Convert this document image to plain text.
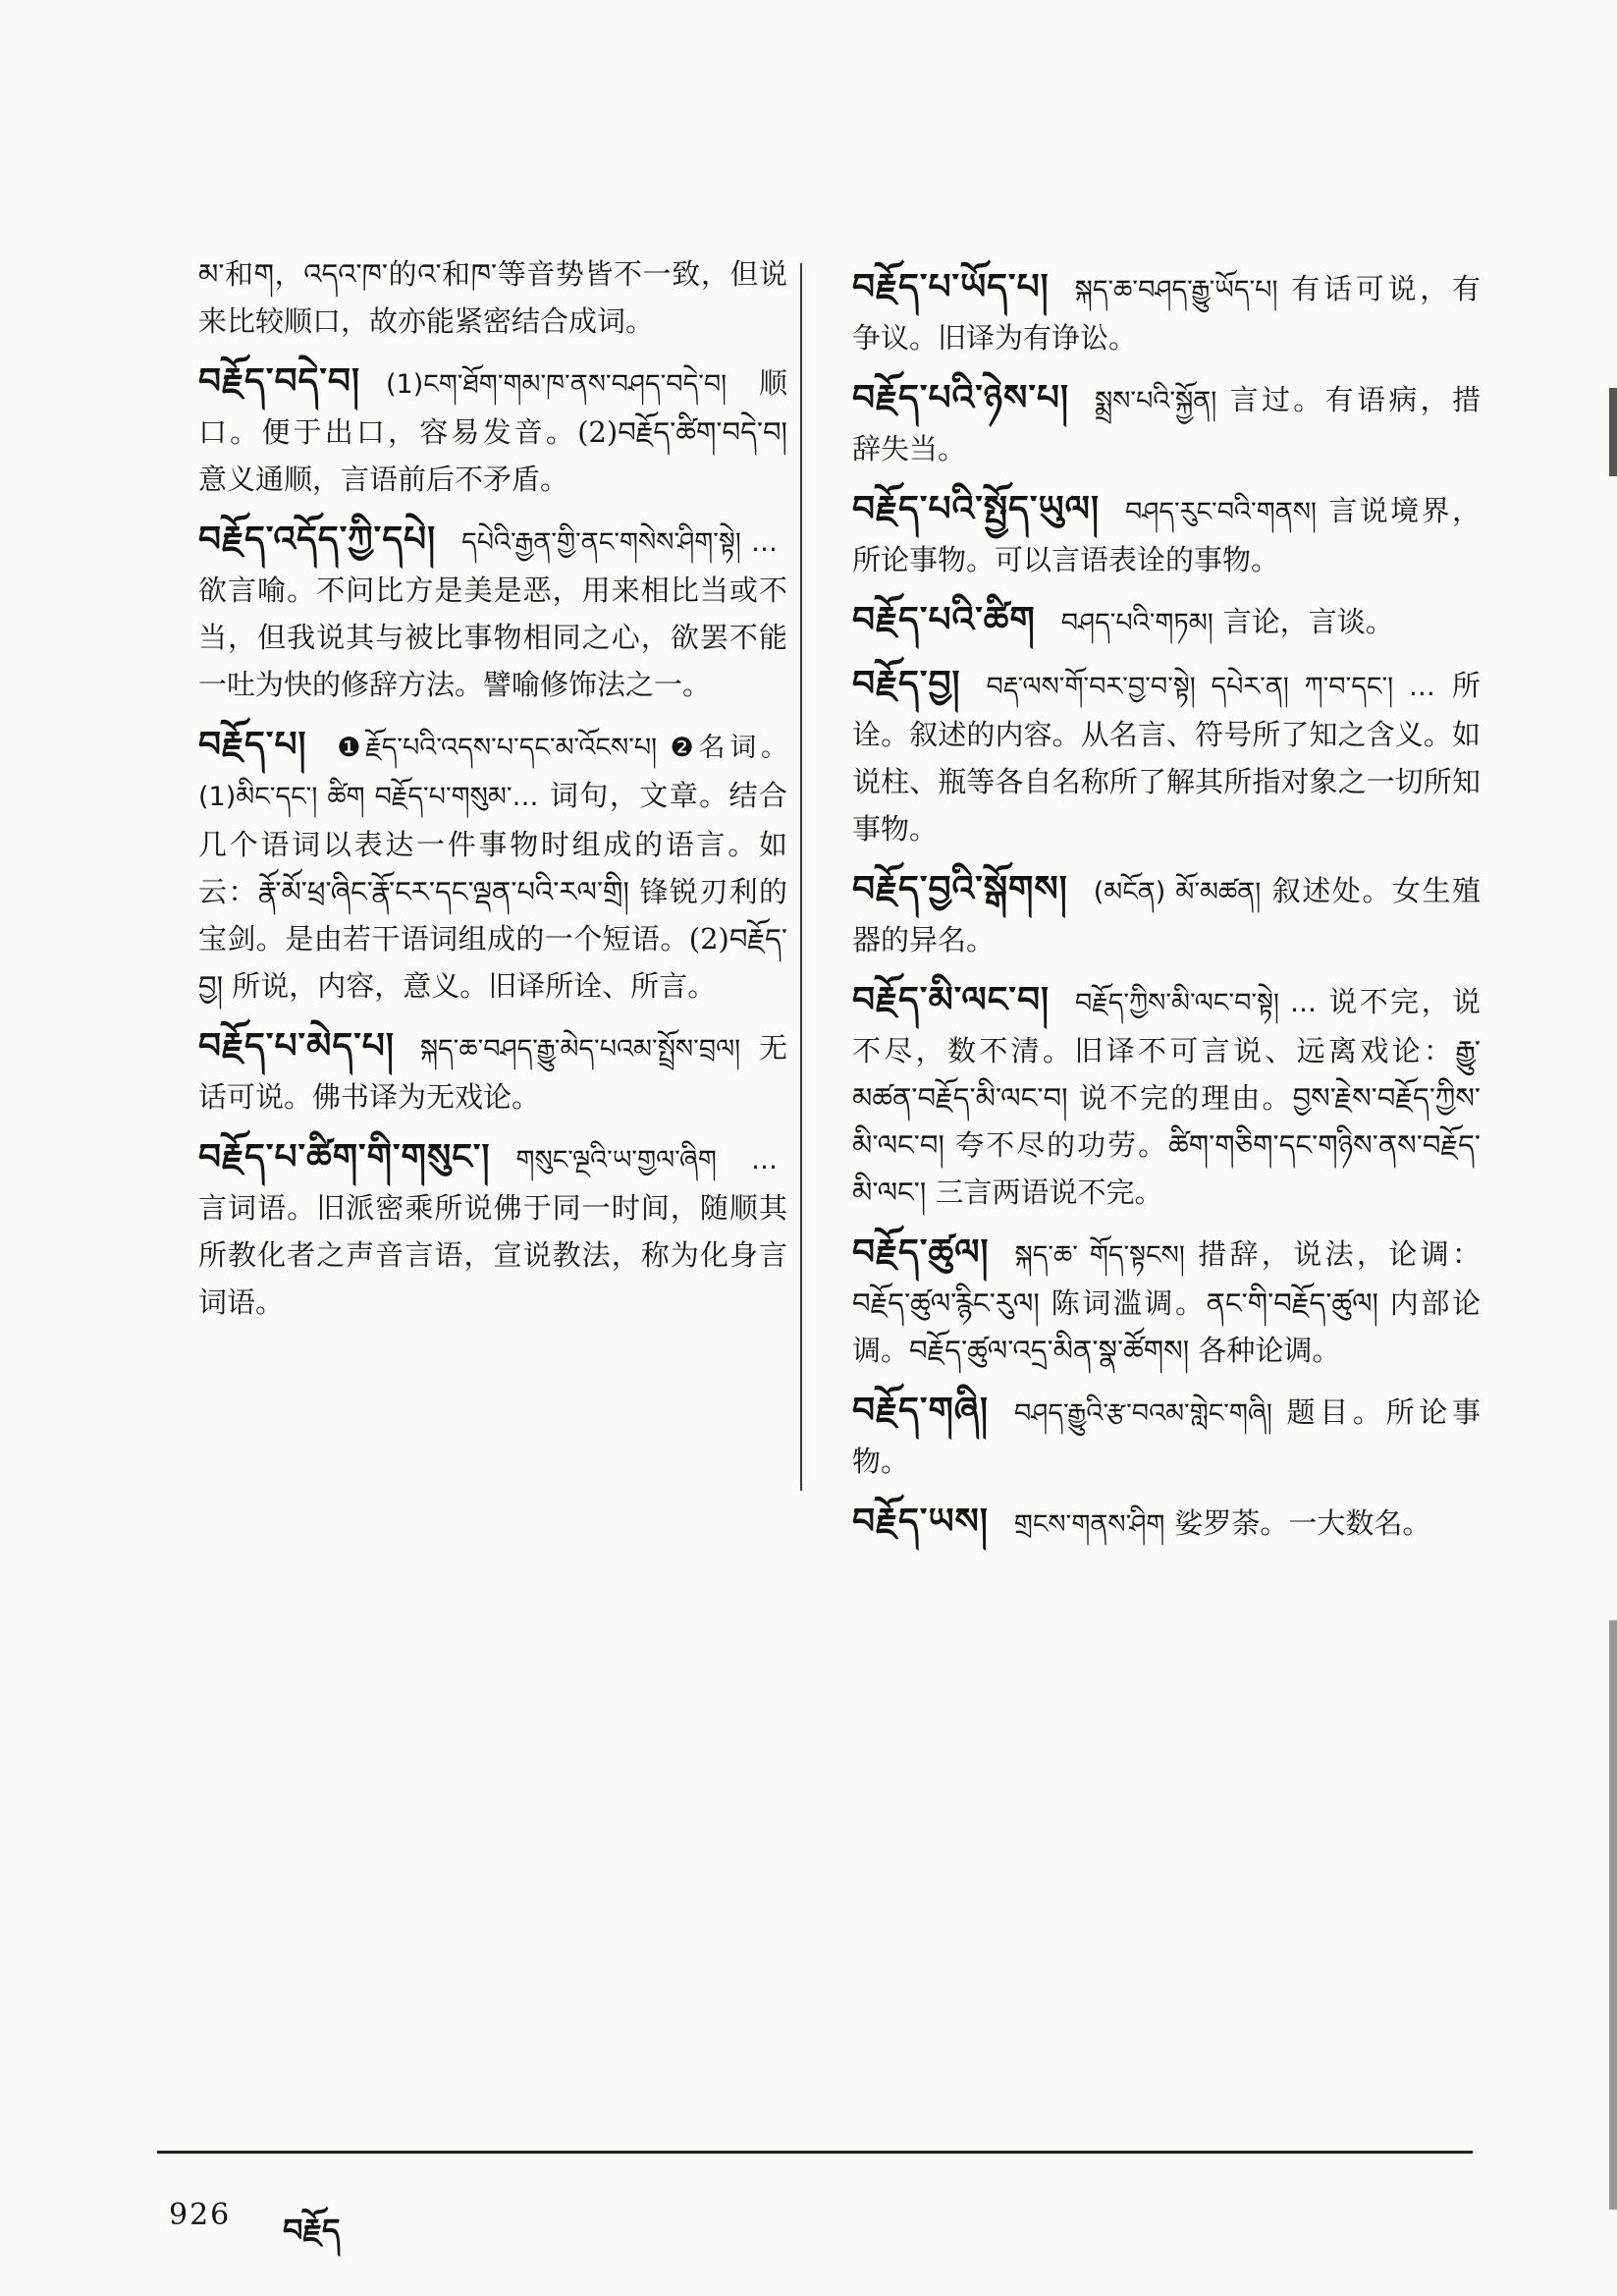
མ་和ག，འདའ་ཁ་的འ་和ཁ་等音势皆不一致，但说来比较顺口，故亦能紧密结合成词。

བརྗོད་བདེ་བ། (1)ངག་ཐོག་གམ་ཁ་ནས་བཤད་བདེ་བ། 顺口。便于出口，容易发音。(2)བརྗོད་ཚིག་བདེ་བ། 意义通顺，言语前后不矛盾。

བརྗོད་འདོད་ཀྱི་དཔེ། དཔེའི་རྒྱན་གྱི་ནང་གསེས་ཤིག་སྟེ། …欲言喻。不问比方是美是恶，用来相比当或不当，但我说其与被比事物相同之心，欲罢不能一吐为快的修辞方法。譬喻修饰法之一。

བརྗོད་པ། ❶རྗོད་པའི་འདས་པ་དང་མ་འོངས་པ། ❷名词。(1)མིང་དང་། ཚིག བརྗོད་པ་གསུམ་… 词句，文章。结合几个语词以表达一件事物时组成的语言。如云：རྣོ་མོ་ཕྲ་ཞིང་རྣོ་ངར་དང་ལྡན་པའི་རལ་གྲི། 锋锐刃利的宝剑。是由若干语词组成的一个短语。(2)བརྗོད་བྱ། 所说，内容，意义。旧译所诠、所言。

བརྗོད་པ་མེད་པ། སྐད་ཆ་བཤད་རྒྱུ་མེད་པའམ་སྤྲོས་བྲལ། 无话可说。佛书译为无戏论。

བརྗོད་པ་ཚིག་གི་གསུང་། གསུང་ལྔའི་ཡ་གྱལ་ཞིག …言词语。旧派密乘所说佛于同一时间，随顺其所教化者之声音言语，宣说教法，称为化身言词语。

བརྗོད་པ་ཡོད་པ། སྐད་ཆ་བཤད་རྒྱུ་ཡོད་པ། 有话可说，有争议。旧译为有诤讼。

བརྗོད་པའི་ཉེས་པ། སྨྲས་པའི་སྐྱོན། 言过。有语病，措辞失当。

བརྗོད་པའི་སྤྱོད་ཡུལ། བཤད་རུང་བའི་གནས། 言说境界，所论事物。可以言语表诠的事物。

བརྗོད་པའི་ཚིག བཤད་པའི་གཏམ། 言论，言谈。

བརྗོད་བྱ། བརྡ་ལས་གོ་བར་བྱ་བ་སྟེ། དཔེར་ན། ཀ་བ་དང་། … 所诠。叙述的内容。从名言、符号所了知之含义。如说柱、瓶等各自名称所了解其所指对象之一切所知事物。

བརྗོད་བྱའི་སྒོགས། (མངོན) མོ་མཚན། 叙述处。女生殖器的异名。

བརྗོད་མི་ལང་བ། བརྗོད་ཀྱིས་མི་ལང་བ་སྟེ། … 说不完，说不尽，数不清。旧译不可言说、远离戏论：རྒྱུ་མཚན་བརྗོད་མི་ལང་བ། 说不完的理由。བྱས་རྗེས་བརྗོད་ཀྱིས་མི་ལང་བ། 夸不尽的功劳。ཚིག་གཅིག་དང་གཉིས་ནས་བརྗོད་མི་ལང་། 三言两语说不完。

བརྗོད་ཚུལ། སྐད་ཆ་ གོད་སྟངས། 措辞，说法，论调：བརྗོད་ཚུལ་རྙིང་རུལ། 陈词滥调。ནང་གི་བརྗོད་ཚུལ། 内部论调。བརྗོད་ཚུལ་འདྲ་མིན་སྣ་ཚོགས། 各种论调。

བརྗོད་གཞི། བཤད་རྒྱུའི་རྩ་བའམ་གླེང་གཞི། 题目。所论事物。

བརྗོད་ཡས། གྲངས་གནས་ཤིག 娑罗荼。一大数名。

926 བརྗོད
